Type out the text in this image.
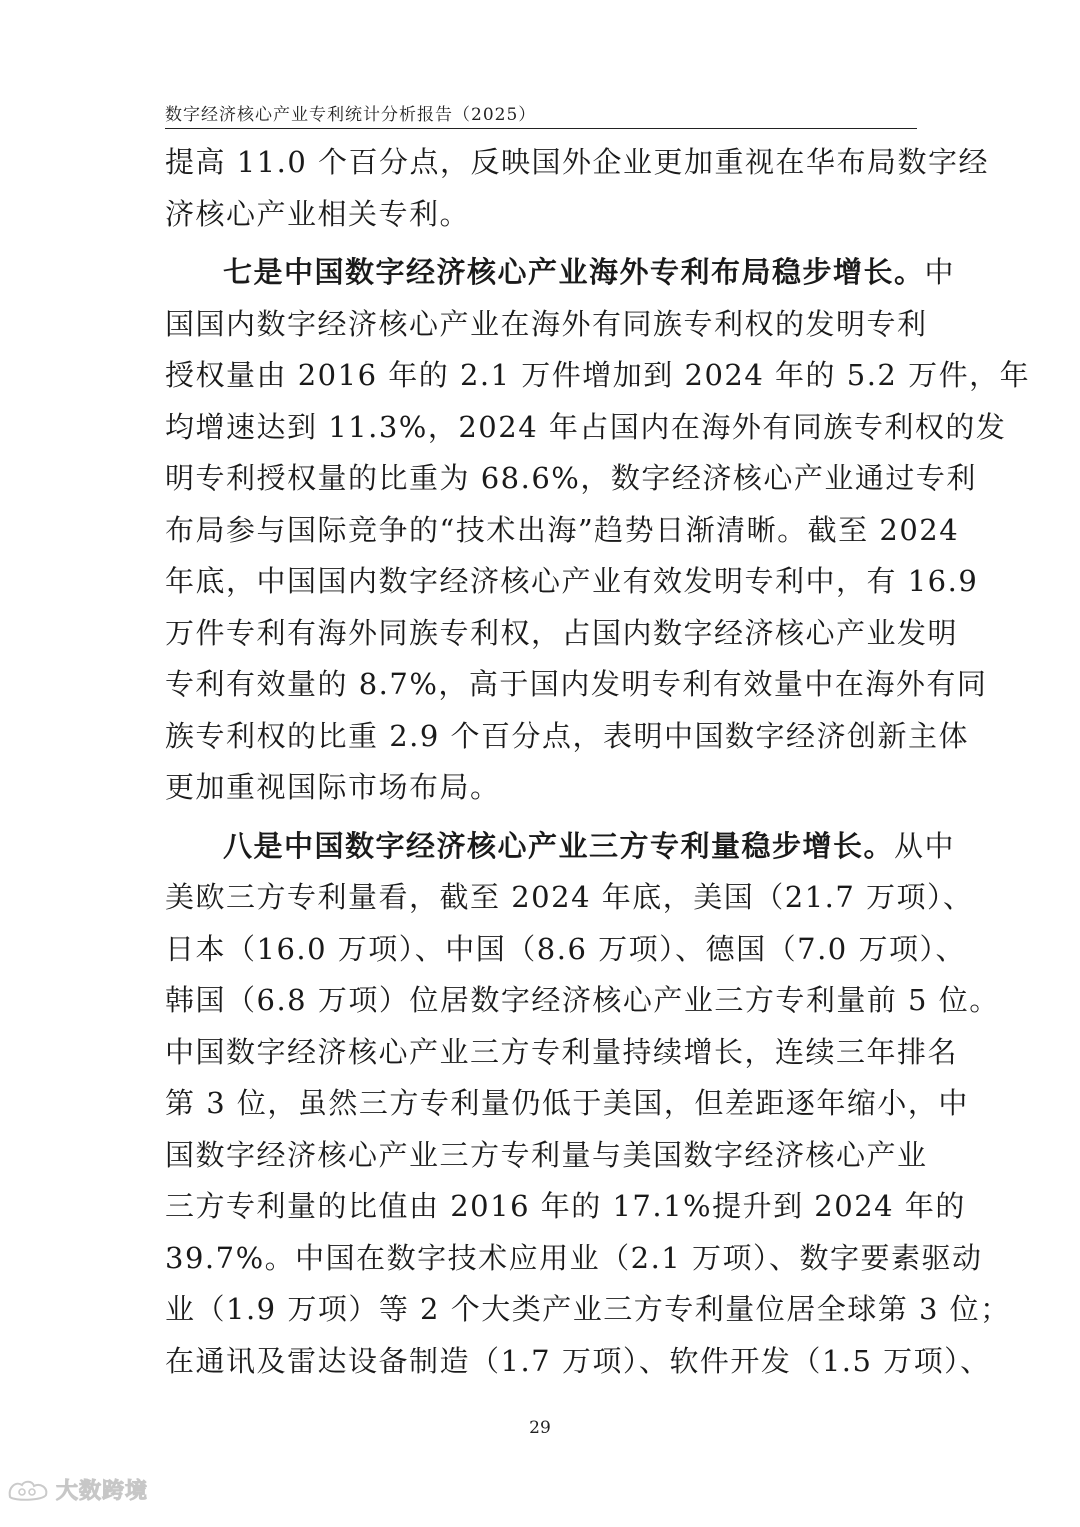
数字经济核心产业专利统计分析报告（2025）
提高 11.0 个百分点，反映国外企业更加重视在华布局数字经
济核心产业相关专利。
七是中国数字经济核心产业海外专利布局稳步增长。中
国国内数字经济核心产业在海外有同族专利权的发明专利
授权量由 2016 年的 2.1 万件增加到 2024 年的 5.2 万件，年
均增速达到 11.3%，2024 年占国内在海外有同族专利权的发
明专利授权量的比重为 68.6%，数字经济核心产业通过专利
布局参与国际竞争的“技术出海”趋势日渐清晰。截至 2024
年底，中国国内数字经济核心产业有效发明专利中，有 16.9
万件专利有海外同族专利权，占国内数字经济核心产业发明
专利有效量的 8.7%，高于国内发明专利有效量中在海外有同
族专利权的比重 2.9 个百分点，表明中国数字经济创新主体
更加重视国际市场布局。
八是中国数字经济核心产业三方专利量稳步增长。从中
美欧三方专利量看，截至 2024 年底，美国（21.7 万项）、
日本（16.0 万项）、中国（8.6 万项）、德国（7.0 万项）、
韩国（6.8 万项）位居数字经济核心产业三方专利量前 5 位。
中国数字经济核心产业三方专利量持续增长，连续三年排名
第 3 位，虽然三方专利量仍低于美国，但差距逐年缩小，中
国数字经济核心产业三方专利量与美国数字经济核心产业
三方专利量的比值由 2016 年的 17.1%提升到 2024 年的
39.7%。中国在数字技术应用业（2.1 万项）、数字要素驱动
业（1.9 万项）等 2 个大类产业三方专利量位居全球第 3 位；
在通讯及雷达设备制造（1.7 万项）、软件开发（1.5 万项）、
29
大数跨境
